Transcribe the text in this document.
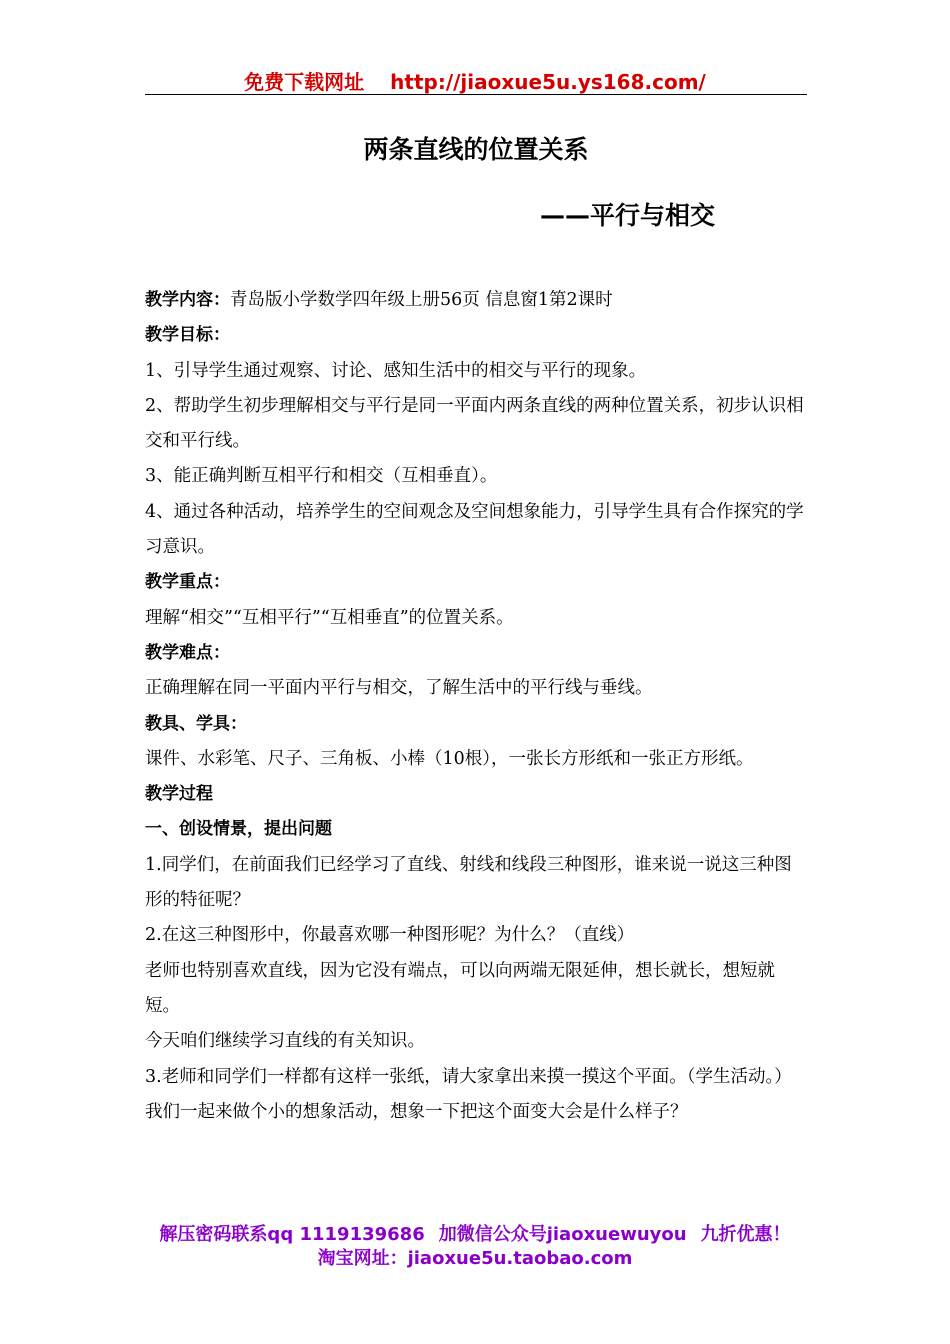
免费下载网址 http://jiaoxue5u.ys168.com/
两条直线的位置关系
——平行与相交

教学内容：青岛版小学数学四年级上册56页 信息窗1第2课时

教学目标：

1、引导学生通过观察、讨论、感知生活中的相交与平行的现象。

2、帮助学生初步理解相交与平行是同一平面内两条直线的两种位置关系，初步认识相交和平行线。

3、能正确判断互相平行和相交（互相垂直）。

4、通过各种活动，培养学生的空间观念及空间想象能力，引导学生具有合作探究的学习意识。

教学重点：

理解“相交”“互相平行”“互相垂直”的位置关系。

教学难点：

正确理解在同一平面内平行与相交，了解生活中的平行线与垂线。

教具、学具：

课件、水彩笔、尺子、三角板、小棒（10根），一张长方形纸和一张正方形纸。

教学过程

一、创设情景，提出问题

1.同学们，在前面我们已经学习了直线、射线和线段三种图形，谁来说一说这三种图形的特征呢？

2.在这三种图形中，你最喜欢哪一种图形呢？为什么？（直线）

老师也特别喜欢直线，因为它没有端点，可以向两端无限延伸，想长就长，想短就短。

今天咱们继续学习直线的有关知识。

3.老师和同学们一样都有这样一张纸，请大家拿出来摸一摸这个平面。（学生活动。）

我们一起来做个小的想象活动，想象一下把这个面变大会是什么样子？

解压密码联系qq 1119139686 加微信公众号jiaoxuewuyou 九折优惠！
淘宝网址：jiaoxue5u.taobao.com
